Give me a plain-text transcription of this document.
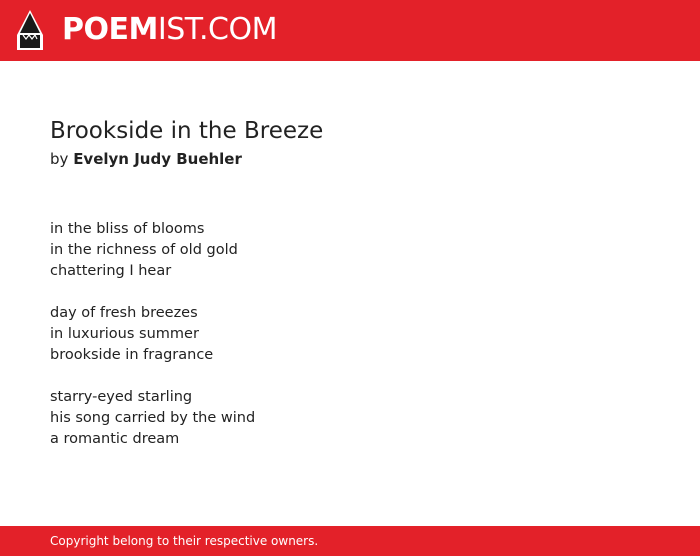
POEMIST.COM
Brookside in the Breeze
by Evelyn Judy Buehler
in the bliss of blooms
in the richness of old gold
chattering I hear
day of fresh breezes
in luxurious summer
brookside in fragrance
starry-eyed starling
his song carried by the wind
a romantic dream
Copyright belong to their respective owners.
